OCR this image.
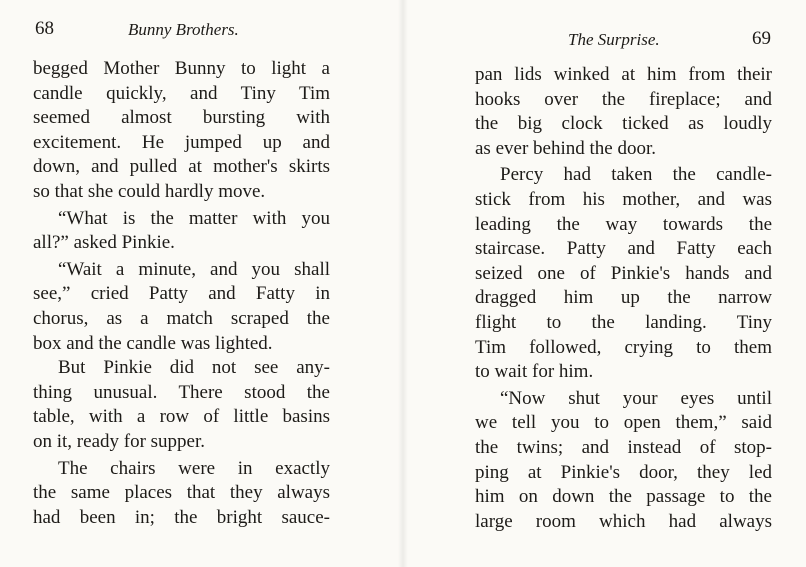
68	Bunny Brothers.
begged Mother Bunny to light a
candle quickly, and Tiny Tim
seemed almost bursting with
excitement. He jumped up and
down, and pulled at mother's skirts
so that she could hardly move.
“What is the matter with you
all?” asked Pinkie.
“Wait a minute, and you shall
see,” cried Patty and Fatty in
chorus, as a match scraped the
box and the candle was lighted.
But Pinkie did not see any-
thing unusual. There stood the
table, with a row of little basins
on it, ready for supper.
The chairs were in exactly
the same places that they always
had been in; the bright sauce-
The Surprise.	69
pan lids winked at him from their
hooks over the fireplace; and
the big clock ticked as loudly
as ever behind the door.
Percy had taken the candle-
stick from his mother, and was
leading the way towards the
staircase. Patty and Fatty each
seized one of Pinkie's hands and
dragged him up the narrow
flight to the landing. Tiny
Tim followed, crying to them
to wait for him.
“Now shut your eyes until
we tell you to open them,” said
the twins; and instead of stop-
ping at Pinkie's door, they led
him on down the passage to the
large room which had always
